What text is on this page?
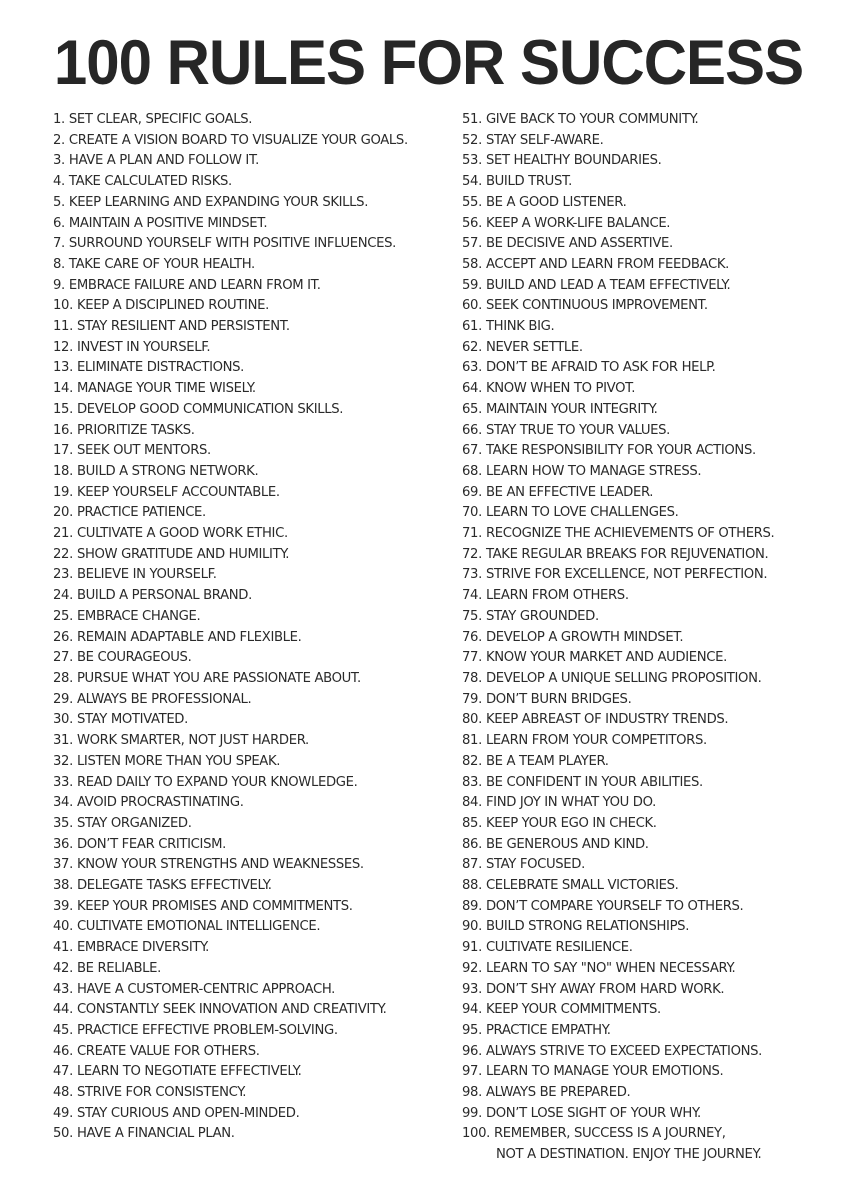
100 RULES FOR SUCCESS
1. SET CLEAR, SPECIFIC GOALS.
2. CREATE A VISION BOARD TO VISUALIZE YOUR GOALS.
3. HAVE A PLAN AND FOLLOW IT.
4. TAKE CALCULATED RISKS.
5. KEEP LEARNING AND EXPANDING YOUR SKILLS.
6. MAINTAIN A POSITIVE MINDSET.
7. SURROUND YOURSELF WITH POSITIVE INFLUENCES.
8. TAKE CARE OF YOUR HEALTH.
9. EMBRACE FAILURE AND LEARN FROM IT.
10. KEEP A DISCIPLINED ROUTINE.
11. STAY RESILIENT AND PERSISTENT.
12. INVEST IN YOURSELF.
13. ELIMINATE DISTRACTIONS.
14. MANAGE YOUR TIME WISELY.
15. DEVELOP GOOD COMMUNICATION SKILLS.
16. PRIORITIZE TASKS.
17. SEEK OUT MENTORS.
18. BUILD A STRONG NETWORK.
19. KEEP YOURSELF ACCOUNTABLE.
20. PRACTICE PATIENCE.
21. CULTIVATE A GOOD WORK ETHIC.
22. SHOW GRATITUDE AND HUMILITY.
23. BELIEVE IN YOURSELF.
24. BUILD A PERSONAL BRAND.
25. EMBRACE CHANGE.
26. REMAIN ADAPTABLE AND FLEXIBLE.
27. BE COURAGEOUS.
28. PURSUE WHAT YOU ARE PASSIONATE ABOUT.
29. ALWAYS BE PROFESSIONAL.
30. STAY MOTIVATED.
31. WORK SMARTER, NOT JUST HARDER.
32. LISTEN MORE THAN YOU SPEAK.
33. READ DAILY TO EXPAND YOUR KNOWLEDGE.
34. AVOID PROCRASTINATING.
35. STAY ORGANIZED.
36. DON’T FEAR CRITICISM.
37. KNOW YOUR STRENGTHS AND WEAKNESSES.
38. DELEGATE TASKS EFFECTIVELY.
39. KEEP YOUR PROMISES AND COMMITMENTS.
40. CULTIVATE EMOTIONAL INTELLIGENCE.
41. EMBRACE DIVERSITY.
42. BE RELIABLE.
43. HAVE A CUSTOMER-CENTRIC APPROACH.
44. CONSTANTLY SEEK INNOVATION AND CREATIVITY.
45. PRACTICE EFFECTIVE PROBLEM-SOLVING.
46. CREATE VALUE FOR OTHERS.
47. LEARN TO NEGOTIATE EFFECTIVELY.
48. STRIVE FOR CONSISTENCY.
49. STAY CURIOUS AND OPEN-MINDED.
50. HAVE A FINANCIAL PLAN.
51. GIVE BACK TO YOUR COMMUNITY.
52. STAY SELF-AWARE.
53. SET HEALTHY BOUNDARIES.
54. BUILD TRUST.
55. BE A GOOD LISTENER.
56. KEEP A WORK-LIFE BALANCE.
57. BE DECISIVE AND ASSERTIVE.
58. ACCEPT AND LEARN FROM FEEDBACK.
59. BUILD AND LEAD A TEAM EFFECTIVELY.
60. SEEK CONTINUOUS IMPROVEMENT.
61. THINK BIG.
62. NEVER SETTLE.
63. DON’T BE AFRAID TO ASK FOR HELP.
64. KNOW WHEN TO PIVOT.
65. MAINTAIN YOUR INTEGRITY.
66. STAY TRUE TO YOUR VALUES.
67. TAKE RESPONSIBILITY FOR YOUR ACTIONS.
68. LEARN HOW TO MANAGE STRESS.
69. BE AN EFFECTIVE LEADER.
70. LEARN TO LOVE CHALLENGES.
71. RECOGNIZE THE ACHIEVEMENTS OF OTHERS.
72. TAKE REGULAR BREAKS FOR REJUVENATION.
73. STRIVE FOR EXCELLENCE, NOT PERFECTION.
74. LEARN FROM OTHERS.
75. STAY GROUNDED.
76. DEVELOP A GROWTH MINDSET.
77. KNOW YOUR MARKET AND AUDIENCE.
78. DEVELOP A UNIQUE SELLING PROPOSITION.
79. DON’T BURN BRIDGES.
80. KEEP ABREAST OF INDUSTRY TRENDS.
81. LEARN FROM YOUR COMPETITORS.
82. BE A TEAM PLAYER.
83. BE CONFIDENT IN YOUR ABILITIES.
84. FIND JOY IN WHAT YOU DO.
85. KEEP YOUR EGO IN CHECK.
86. BE GENEROUS AND KIND.
87. STAY FOCUSED.
88. CELEBRATE SMALL VICTORIES.
89. DON’T COMPARE YOURSELF TO OTHERS.
90. BUILD STRONG RELATIONSHIPS.
91. CULTIVATE RESILIENCE.
92. LEARN TO SAY "NO" WHEN NECESSARY.
93. DON’T SHY AWAY FROM HARD WORK.
94. KEEP YOUR COMMITMENTS.
95. PRACTICE EMPATHY.
96. ALWAYS STRIVE TO EXCEED EXPECTATIONS.
97. LEARN TO MANAGE YOUR EMOTIONS.
98. ALWAYS BE PREPARED.
99. DON’T LOSE SIGHT OF YOUR WHY.
100. REMEMBER, SUCCESS IS A JOURNEY,
NOT A DESTINATION. ENJOY THE JOURNEY.
